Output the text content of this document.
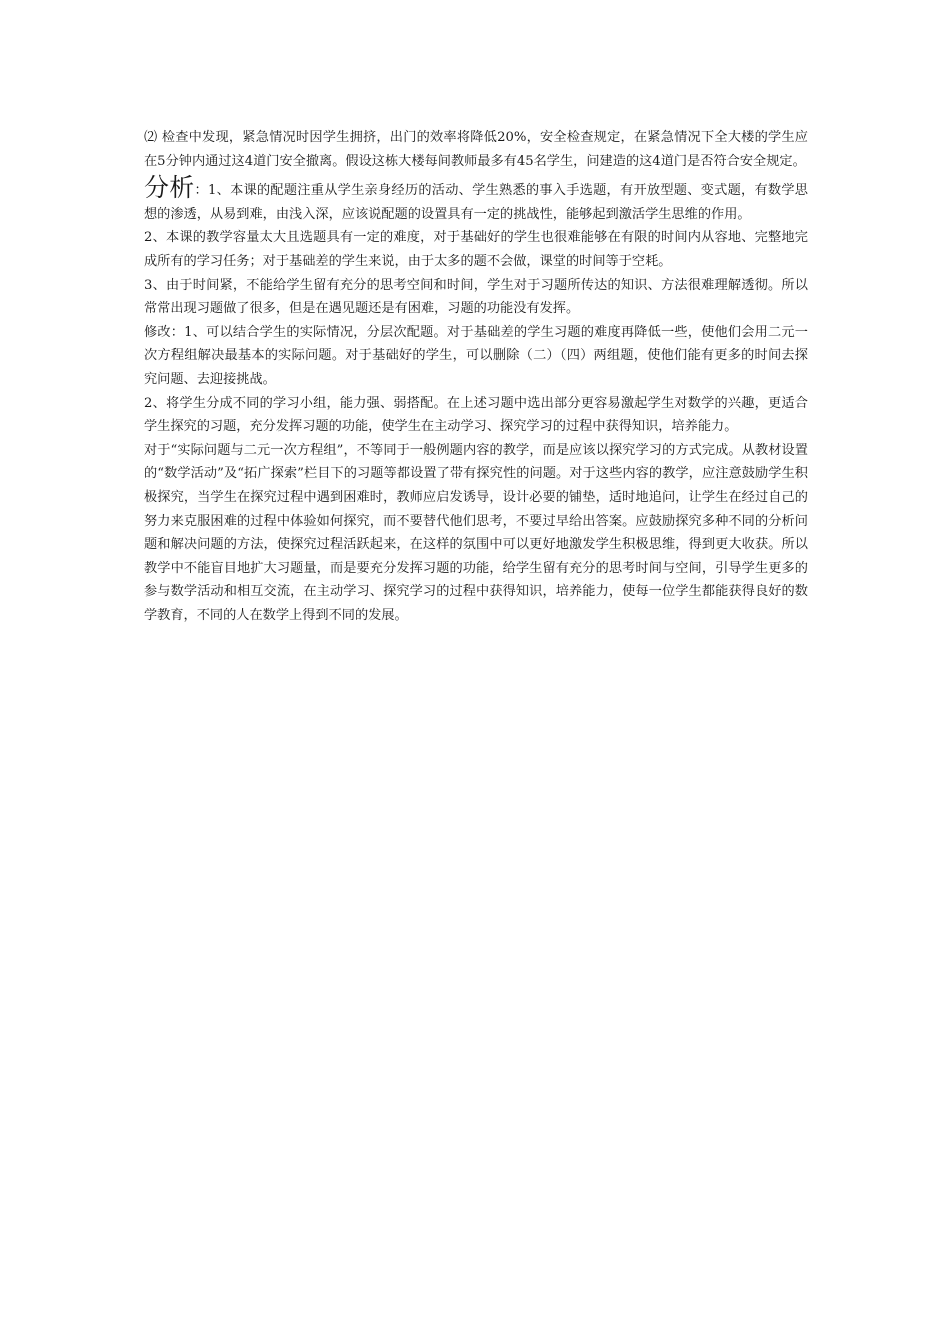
⑵ 检查中发现，紧急情况时因学生拥挤，出门的效率将降低20%，安全检查规定，在紧急情况下全大楼的学生应在5分钟内通过这4道门安全撤离。假设这栋大楼每间教师最多有45名学生，问建造的这4道门是否符合安全规定。

分析：1、本课的配题注重从学生亲身经历的活动、学生熟悉的事入手选题，有开放型题、变式题，有数学思想的渗透，从易到难，由浅入深，应该说配题的设置具有一定的挑战性，能够起到激活学生思维的作用。

2、本课的教学容量太大且选题具有一定的难度，对于基础好的学生也很难能够在有限的时间内从容地、完整地完成所有的学习任务；对于基础差的学生来说，由于太多的题不会做，课堂的时间等于空耗。

3、由于时间紧，不能给学生留有充分的思考空间和时间，学生对于习题所传达的知识、方法很难理解透彻。所以常常出现习题做了很多，但是在遇见题还是有困难，习题的功能没有发挥。

修改：1、可以结合学生的实际情况，分层次配题。对于基础差的学生习题的难度再降低一些，使他们会用二元一次方程组解决最基本的实际问题。对于基础好的学生，可以删除（二）（四）两组题，使他们能有更多的时间去探究问题、去迎接挑战。

2、将学生分成不同的学习小组，能力强、弱搭配。在上述习题中选出部分更容易激起学生对数学的兴趣，更适合学生探究的习题，充分发挥习题的功能，使学生在主动学习、探究学习的过程中获得知识，培养能力。

对于“实际问题与二元一次方程组”，不等同于一般例题内容的教学，而是应该以探究学习的方式完成。从教材设置的“数学活动”及“拓广探索”栏目下的习题等都设置了带有探究性的问题。对于这些内容的教学，应注意鼓励学生积极探究，当学生在探究过程中遇到困难时，教师应启发诱导，设计必要的铺垫，适时地追问，让学生在经过自己的努力来克服困难的过程中体验如何探究，而不要替代他们思考，不要过早给出答案。应鼓励探究多种不同的分析问题和解决问题的方法，使探究过程活跃起来，在这样的氛围中可以更好地激发学生积极思维，得到更大收获。所以教学中不能盲目地扩大习题量，而是要充分发挥习题的功能，给学生留有充分的思考时间与空间，引导学生更多的参与数学活动和相互交流，在主动学习、探究学习的过程中获得知识，培养能力，使每一位学生都能获得良好的数学教育，不同的人在数学上得到不同的发展。
